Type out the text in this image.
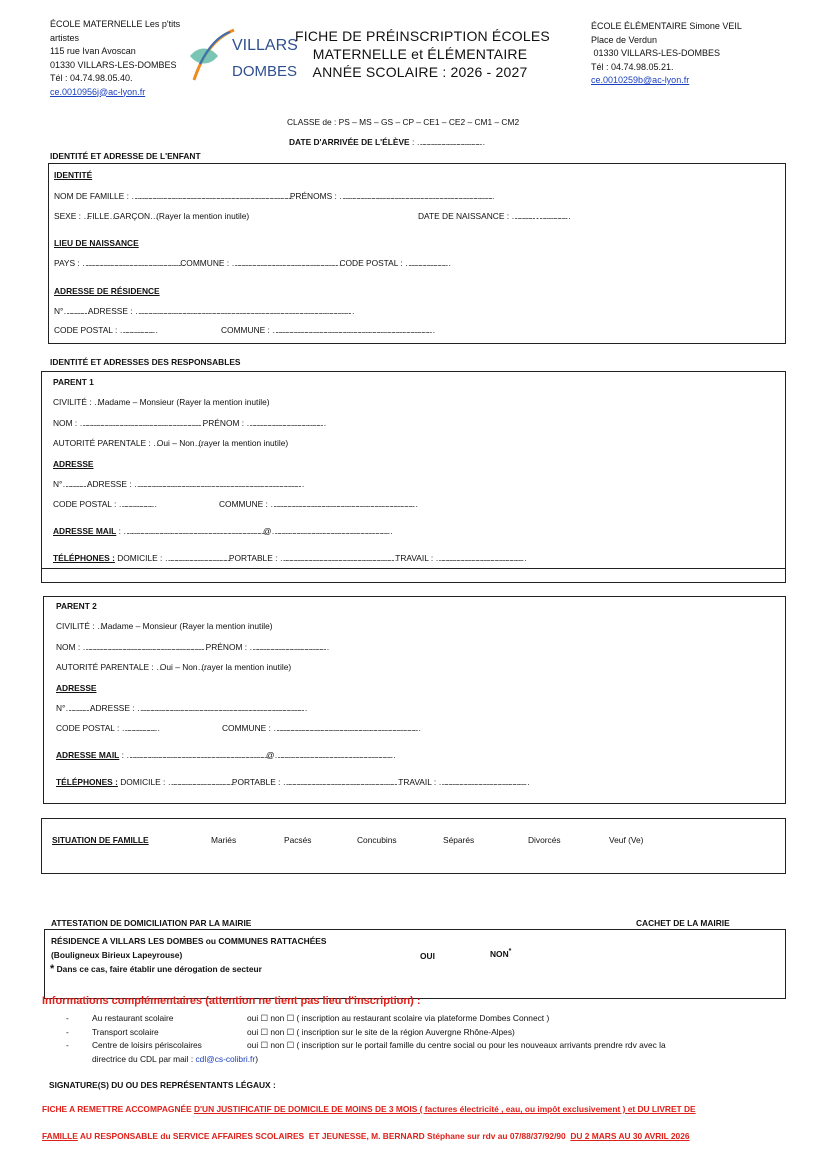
ÉCOLE MATERNELLE Les p'tits
artistes
115 rue Ivan Avoscan
01330 VILLARS-LES-DOMBES
Tél : 04.74.98.05.40.
ce.0010956j@ac-lyon.fr
VILLARS
DOMBES
FICHE DE PRÉINSCRIPTION ÉCOLES
MATERNELLE et ÉLÉMENTAIRE
ANNÉE SCOLAIRE : 2026 - 2027
ÉCOLE ÉLÉMENTAIRE Simone VEIL
Place de Verdun
01330 VILLARS-LES-DOMBES
Tél : 04.74.98.05.21.
ce.0010259b@ac-lyon.fr
CLASSE de : PS – MS – GS – CP – CE1 – CE2 – CM1 – CM2
DATE D'ARRIVÉE DE L'ÉLÈVE : ……………………………………………
IDENTITÉ ET ADRESSE DE L'ENFANT
IDENTITÉ
NOM DE FAMILLE : ………………………………………………………………………………………………………………PRÉNOMS : ………………………………………………………………………………………………………….
SEXE : …FILLE…GARÇON… (Rayer la mention inutile)	DATE DE NAISSANCE : ……………… ……………………
LIEU DE NAISSANCE
PAYS : ……………………………………………………………………COMMUNE : ………………………………………………………………………… CODE POSTAL : ……………………………
ADRESSE DE RÉSIDENCE
N°……………… ADRESSE : ………………………………………………………………………………………………………………………………………………………
CODE POSTAL : ………………………	COMMUNE : ………………………………………………………………………………………………………………
IDENTITÉ ET ADRESSES DES RESPONSABLES
PARENT 1
CIVILITÉ : …Madame – Monsieur (Rayer la mention inutile)
NOM : …………………………………………………………………………………… PRÉNOM : ……………………………………………………
AUTORITÉ PARENTALE : …Oui – Non…(rayer la mention inutile)
ADRESSE
N°……………… ADRESSE : ……………………………………………………………………………………………………………………
CODE POSTAL : ………………………	COMMUNE : ……………………………………………………………………………………………………
ADRESSE MAIL : …………………………………………………………………………………………………@…………………………………………………………………………………
TÉLÉPHONES : DOMICILE : ……………………………………………PORTABLE : ……………………………………………………………………………… TRAVAIL : ……………………………………………………………
PARENT 2
CIVILITÉ : …Madame – Monsieur (Rayer la mention inutile)
NOM : …………………………………………………………………………………… PRÉNOM : ……………………………………………………
AUTORITÉ PARENTALE : …Oui – Non…(rayer la mention inutile)
ADRESSE
N°……………… ADRESSE : ……………………………………………………………………………………………………………………
CODE POSTAL : ………………………	COMMUNE : ……………………………………………………………………………………………………
ADRESSE MAIL : …………………………………………………………………………………………………@…………………………………………………………………………………
TÉLÉPHONES : DOMICILE : ……………………………………………PORTABLE : ……………………………………………………………………………… TRAVAIL : ……………………………………………………………
SITUATION DE FAMILLE	Mariés	Pacsés	Concubins	Séparés	Divorcés	Veuf (Ve)
ATTESTATION DE DOMICILIATION PAR LA MAIRIE	CACHET DE LA MAIRIE
RÉSIDENCE A VILLARS LES DOMBES ou COMMUNES RATTACHÉES
(Bouligneux Birieux Lapeyrouse)	OUI	NON*
* Dans ce cas, faire établir une dérogation de secteur
Informations complémentaires (attention ne tient pas lieu d'inscription) :
-	Au restaurant scolaire	oui ☐ non ☐ ( inscription au restaurant scolaire via plateforme Dombes Connect )
-	Transport scolaire	oui ☐ non ☐ ( inscription sur le site de la région Auvergne Rhône-Alpes)
-	Centre de loisirs périscolaires	oui ☐ non ☐ ( inscription sur le portail famille du centre social ou pour les nouveaux arrivants prendre rdv avec la
directrice du CDL par mail : cdl@cs-colibri.fr)
SIGNATURE(S) DU OU DES REPRÉSENTANTS LÉGAUX :
FICHE A REMETTRE ACCOMPAGNÉE D'UN JUSTIFICATIF DE DOMICILE DE MOINS DE 3 MOIS ( factures électricité , eau, ou impôt exclusivement ) et DU LIVRET DE
FAMILLE AU RESPONSABLE du SERVICE AFFAIRES SCOLAIRES  ET JEUNESSE, M. BERNARD Stéphane sur rdv au 07/88/37/92/90  DU 2 MARS AU 30 AVRIL 2026
